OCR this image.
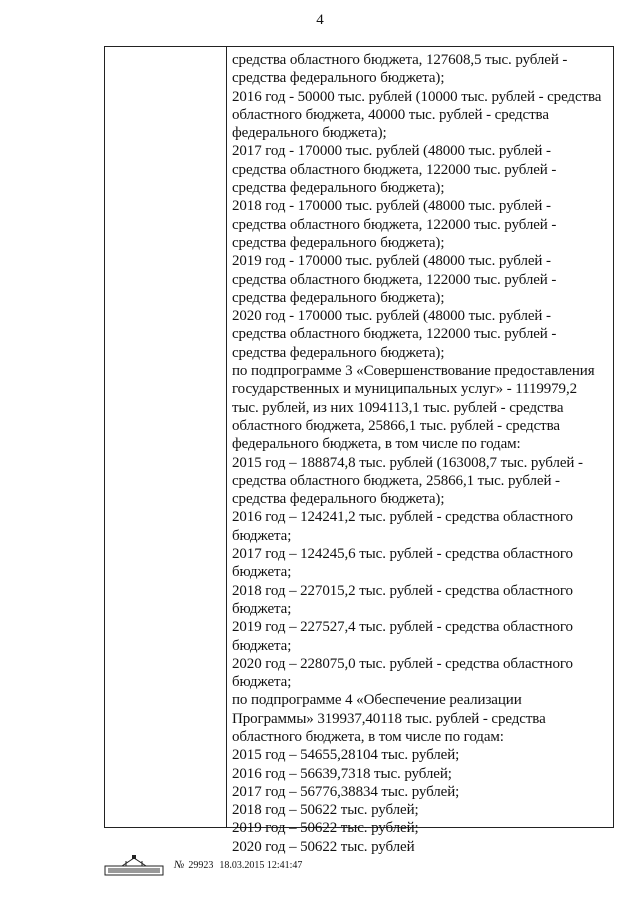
4
средства областного бюджета, 127608,5 тыс. рублей -
средства федерального бюджета);
2016 год - 50000 тыс. рублей (10000 тыс. рублей - средства
областного бюджета, 40000 тыс. рублей - средства
федерального бюджета);
2017 год - 170000 тыс. рублей (48000 тыс. рублей -
средства областного бюджета, 122000 тыс. рублей -
средства федерального бюджета);
2018 год - 170000 тыс. рублей (48000 тыс. рублей -
средства областного бюджета, 122000 тыс. рублей -
средства федерального бюджета);
2019 год - 170000 тыс. рублей (48000 тыс. рублей -
средства областного бюджета, 122000 тыс. рублей -
средства федерального бюджета);
2020 год - 170000 тыс. рублей (48000 тыс. рублей -
средства областного бюджета, 122000 тыс. рублей -
средства федерального бюджета);
по подпрограмме 3 «Совершенствование предоставления
государственных и муниципальных услуг» - 1119979,2
тыс. рублей, из них 1094113,1 тыс. рублей - средства
областного бюджета, 25866,1 тыс. рублей - средства
федерального бюджета, в том числе по годам:
2015 год – 188874,8 тыс. рублей (163008,7 тыс. рублей -
средства областного бюджета, 25866,1 тыс. рублей -
средства федерального бюджета);
2016 год – 124241,2 тыс. рублей - средства областного
бюджета;
2017 год – 124245,6 тыс. рублей - средства областного
бюджета;
2018 год – 227015,2 тыс. рублей - средства областного
бюджета;
2019 год – 227527,4 тыс. рублей - средства областного
бюджета;
2020 год – 228075,0 тыс. рублей - средства областного
бюджета;
по подпрограмме 4 «Обеспечение реализации
Программы» 319937,40118 тыс. рублей - средства
областного бюджета, в том числе по годам:
2015 год – 54655,28104 тыс. рублей;
2016 год – 56639,7318 тыс. рублей;
2017 год – 56776,38834 тыс. рублей;
2018 год – 50622 тыс. рублей;
2019 год – 50622 тыс. рублей;
2020 год – 50622 тыс. рублей
№ 29923 18.03.2015 12:41:47
